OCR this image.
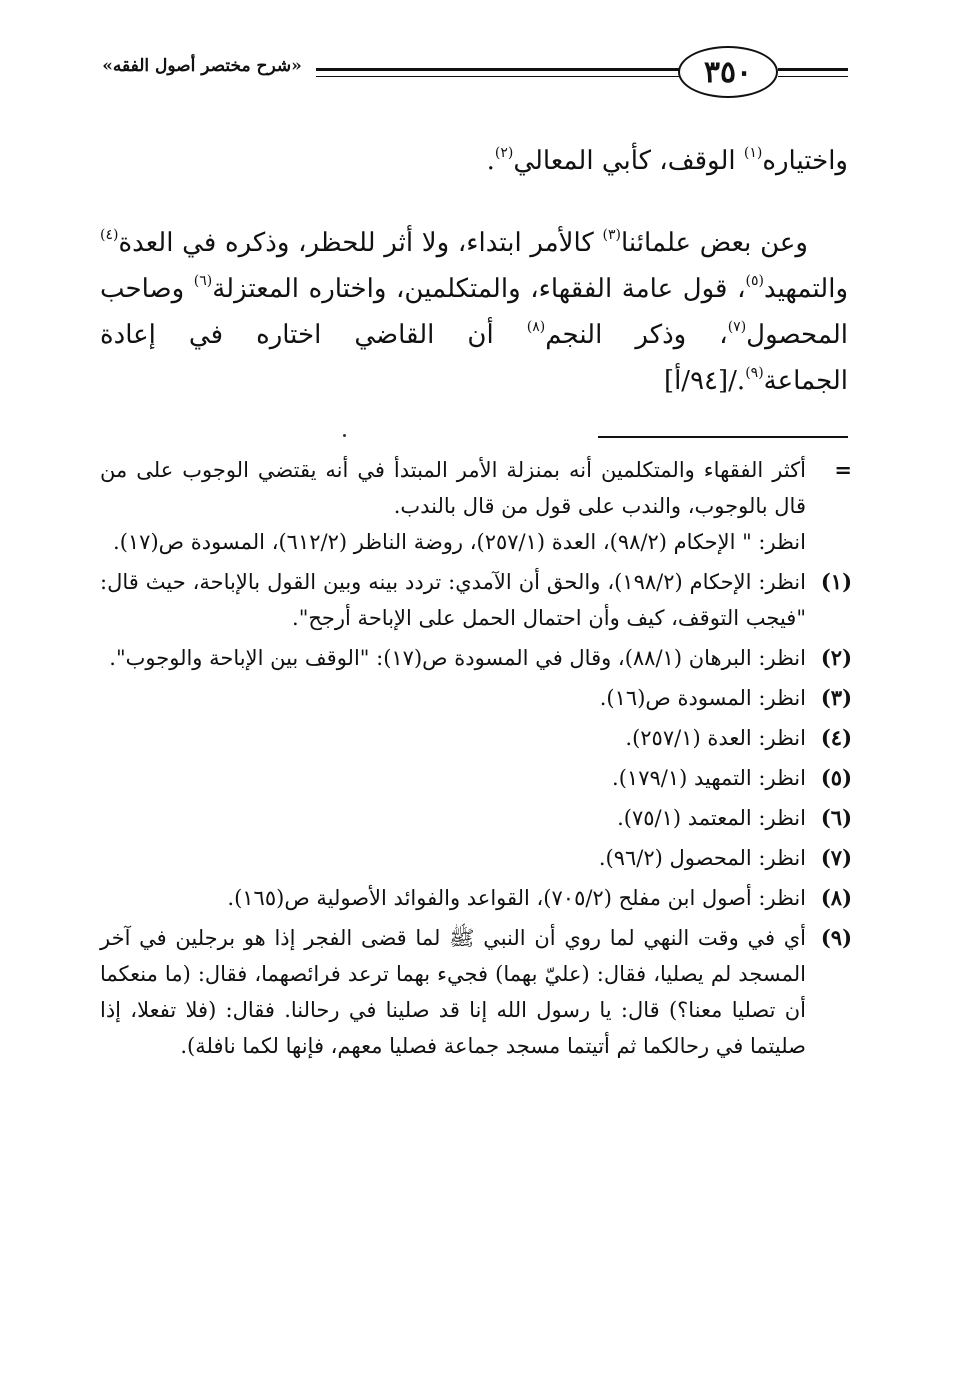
٣٥٠
«شرح مختصر أصول الفقه»
واختياره$^{(١)}$ الوقف، كأبي المعالي$^{(٢)}$.
وعن بعض علمائنا$^{(٣)}$ كالأمر ابتداء، ولا أثر للحظر، وذكره في العدة$^{(٤)}$ والتمهيد$^{(٥)}$، قول عامة الفقهاء، والمتكلمين، واختاره المعتزلة$^{(٦)}$ وصاحب المحصول$^{(٧)}$، وذكر النجم$^{(٨)}$ أن القاضي اختاره في إعادة الجماعة$^{(٩)}$./[٩٤/أ]
=
أكثر الفقهاء والمتكلمين أنه بمنزلة الأمر المبتدأ في أنه يقتضي الوجوب على من قال بالوجوب، والندب على قول من قال بالندب.
انظر: " الإحكام (٩٨/٢)، العدة (٢٥٧/١)، روضة الناظر (٦١٢/٢)، المسودة ص(١٧).
(١)
انظر: الإحكام (١٩٨/٢)، والحق أن الآمدي: تردد بينه وبين القول بالإباحة، حيث قال: "فيجب التوقف، كيف وأن احتمال الحمل على الإباحة أرجح".
(٢)
انظر: البرهان (٨٨/١)، وقال في المسودة ص(١٧): "الوقف بين الإباحة والوجوب".
(٣)
انظر: المسودة ص(١٦).
(٤)
انظر: العدة (٢٥٧/١).
(٥)
انظر: التمهيد (١٧٩/١).
(٦)
انظر: المعتمد (٧٥/١).
(٧)
انظر: المحصول (٩٦/٢).
(٨)
انظر: أصول ابن مفلح (٧٠٥/٢)، القواعد والفوائد الأصولية ص(١٦٥).
(٩)
أي في وقت النهي لما روي أن النبي ﷺ لما قضى الفجر إذا هو برجلين في آخر المسجد لم يصليا، فقال: (عليّ بهما) فجيء بهما ترعد فرائصهما، فقال: (ما منعكما أن تصليا معنا؟) قال: يا رسول الله إنا قد صلينا في رحالنا. فقال: (فلا تفعلا، إذا صليتما في رحالكما ثم أتيتما مسجد جماعة فصليا معهم، فإنها لكما نافلة).
